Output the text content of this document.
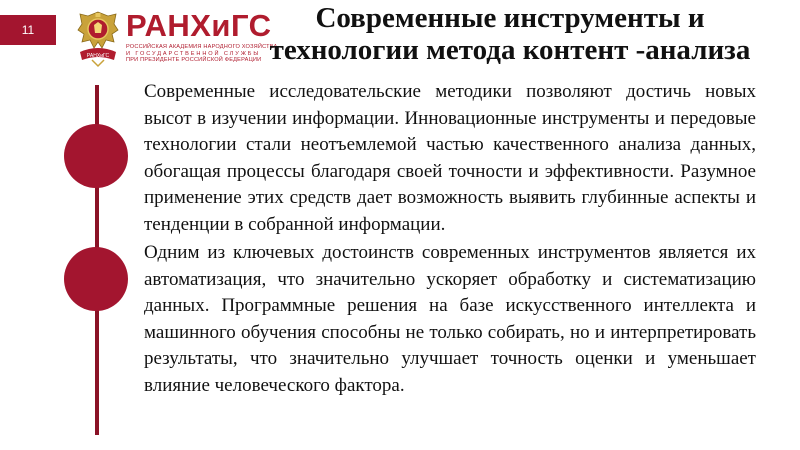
11
РАНХиГС
РАНХиГС
РОССИЙСКАЯ АКАДЕМИЯ НАРОДНОГО ХОЗЯЙСТВА
И ГОСУДАРСТВЕННОЙ СЛУЖБЫ
ПРИ ПРЕЗИДЕНТЕ РОССИЙСКОЙ ФЕДЕРАЦИИ
Современные инструменты и
технологии метода контент -анализа

Современные исследовательские методики позволяют достичь новых высот в изучении информации. Инновационные инструменты и передовые технологии стали неотъемлемой частью качественного анализа данных, обогащая процессы благодаря своей точности и эффективности. Разумное применение этих средств дает возможность выявить глубинные аспекты и тенденции в собранной информации.

Одним из ключевых достоинств современных инструментов является их автоматизация, что значительно ускоряет обработку и систематизацию данных. Программные решения на базе искусственного интеллекта и машинного обучения способны не только собирать, но и интерпретировать результаты, что значительно улучшает точность оценки и уменьшает влияние человеческого фактора.
